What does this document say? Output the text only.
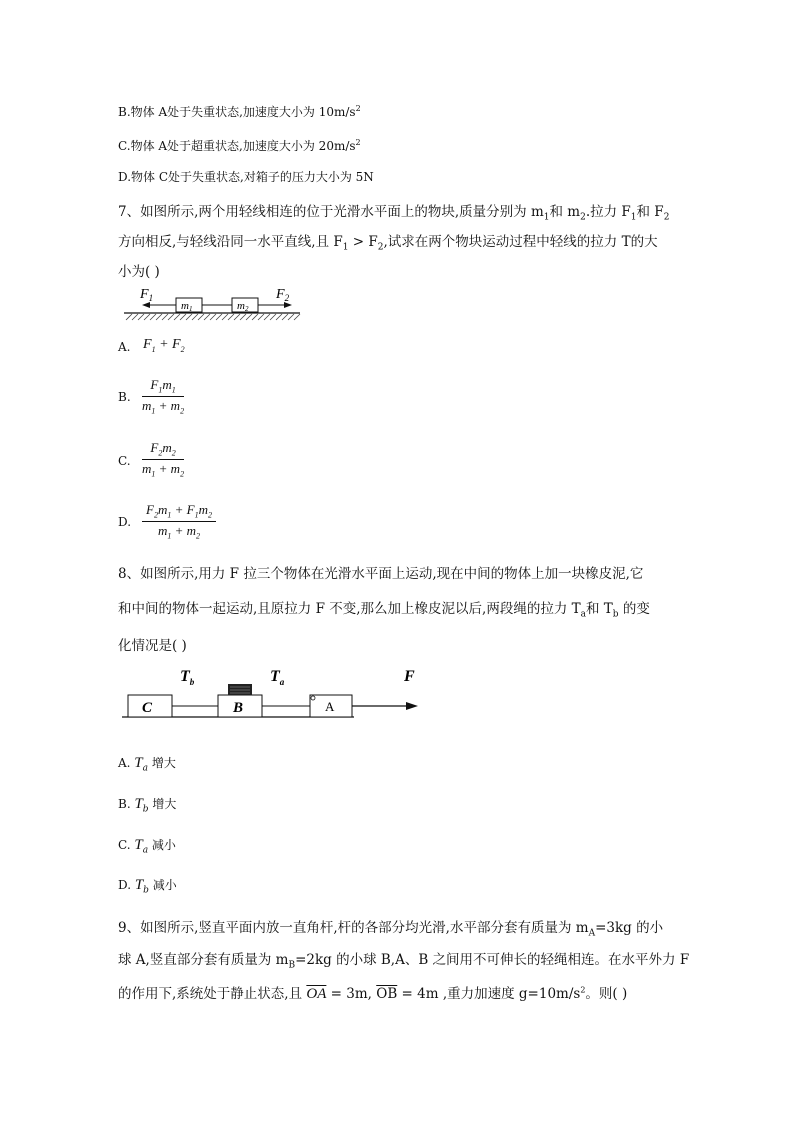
B.物体 A处于失重状态,加速度大小为 $10m/s^2$
C.物体 A处于超重状态,加速度大小为 $20m/s^2$
D.物体 C处于失重状态,对箱子的压力大小为 5N
7、如图所示,两个用轻线相连的位于光滑水平面上的物块,质量分别为 $m_1$和 $m_2$.拉力 $F_1$和 $F_2$
方向相反,与轻线沿同一水平直线,且 $F_1 > F_2$,试求在两个物块运动过程中轻线的拉力 T的大
小为( )
$F_1$	$F_2$
m1	m2
A. $F_1 + F_2$
B. $\frac{F_1m_1}{m_1 + m_2}$
C. $\frac{F_2m_2}{m_1 + m_2}$
D. $\frac{F_2m_1 + F_1m_2}{m_1 + m_2}$
8、如图所示,用力 F 拉三个物体在光滑水平面上运动,现在中间的物体上加一块橡皮泥,它
和中间的物体一起运动,且原拉力 F 不变,那么加上橡皮泥以后,两段绳的拉力 $T_a$和 $T_b$ 的变
化情况是( )
C	B	A
$T_b$	$T_a$	F
A. $T_a$ 增大
B. $T_b$ 增大
C. $T_a$ 减小
D. $T_b$ 减小
9、如图所示,竖直平面内放一直角杆,杆的各部分均光滑,水平部分套有质量为 $m_A=3kg$ 的小
球 A,竖直部分套有质量为 $m_B=2kg$ 的小球 B,A、B 之间用不可伸长的轻绳相连。在水平外力 F
的作用下,系统处于静止状态,且 $\overline{OA} = 3m$, $\overline{OB} = 4m$ ,重力加速度 $g=10m/s^2$。则( )
